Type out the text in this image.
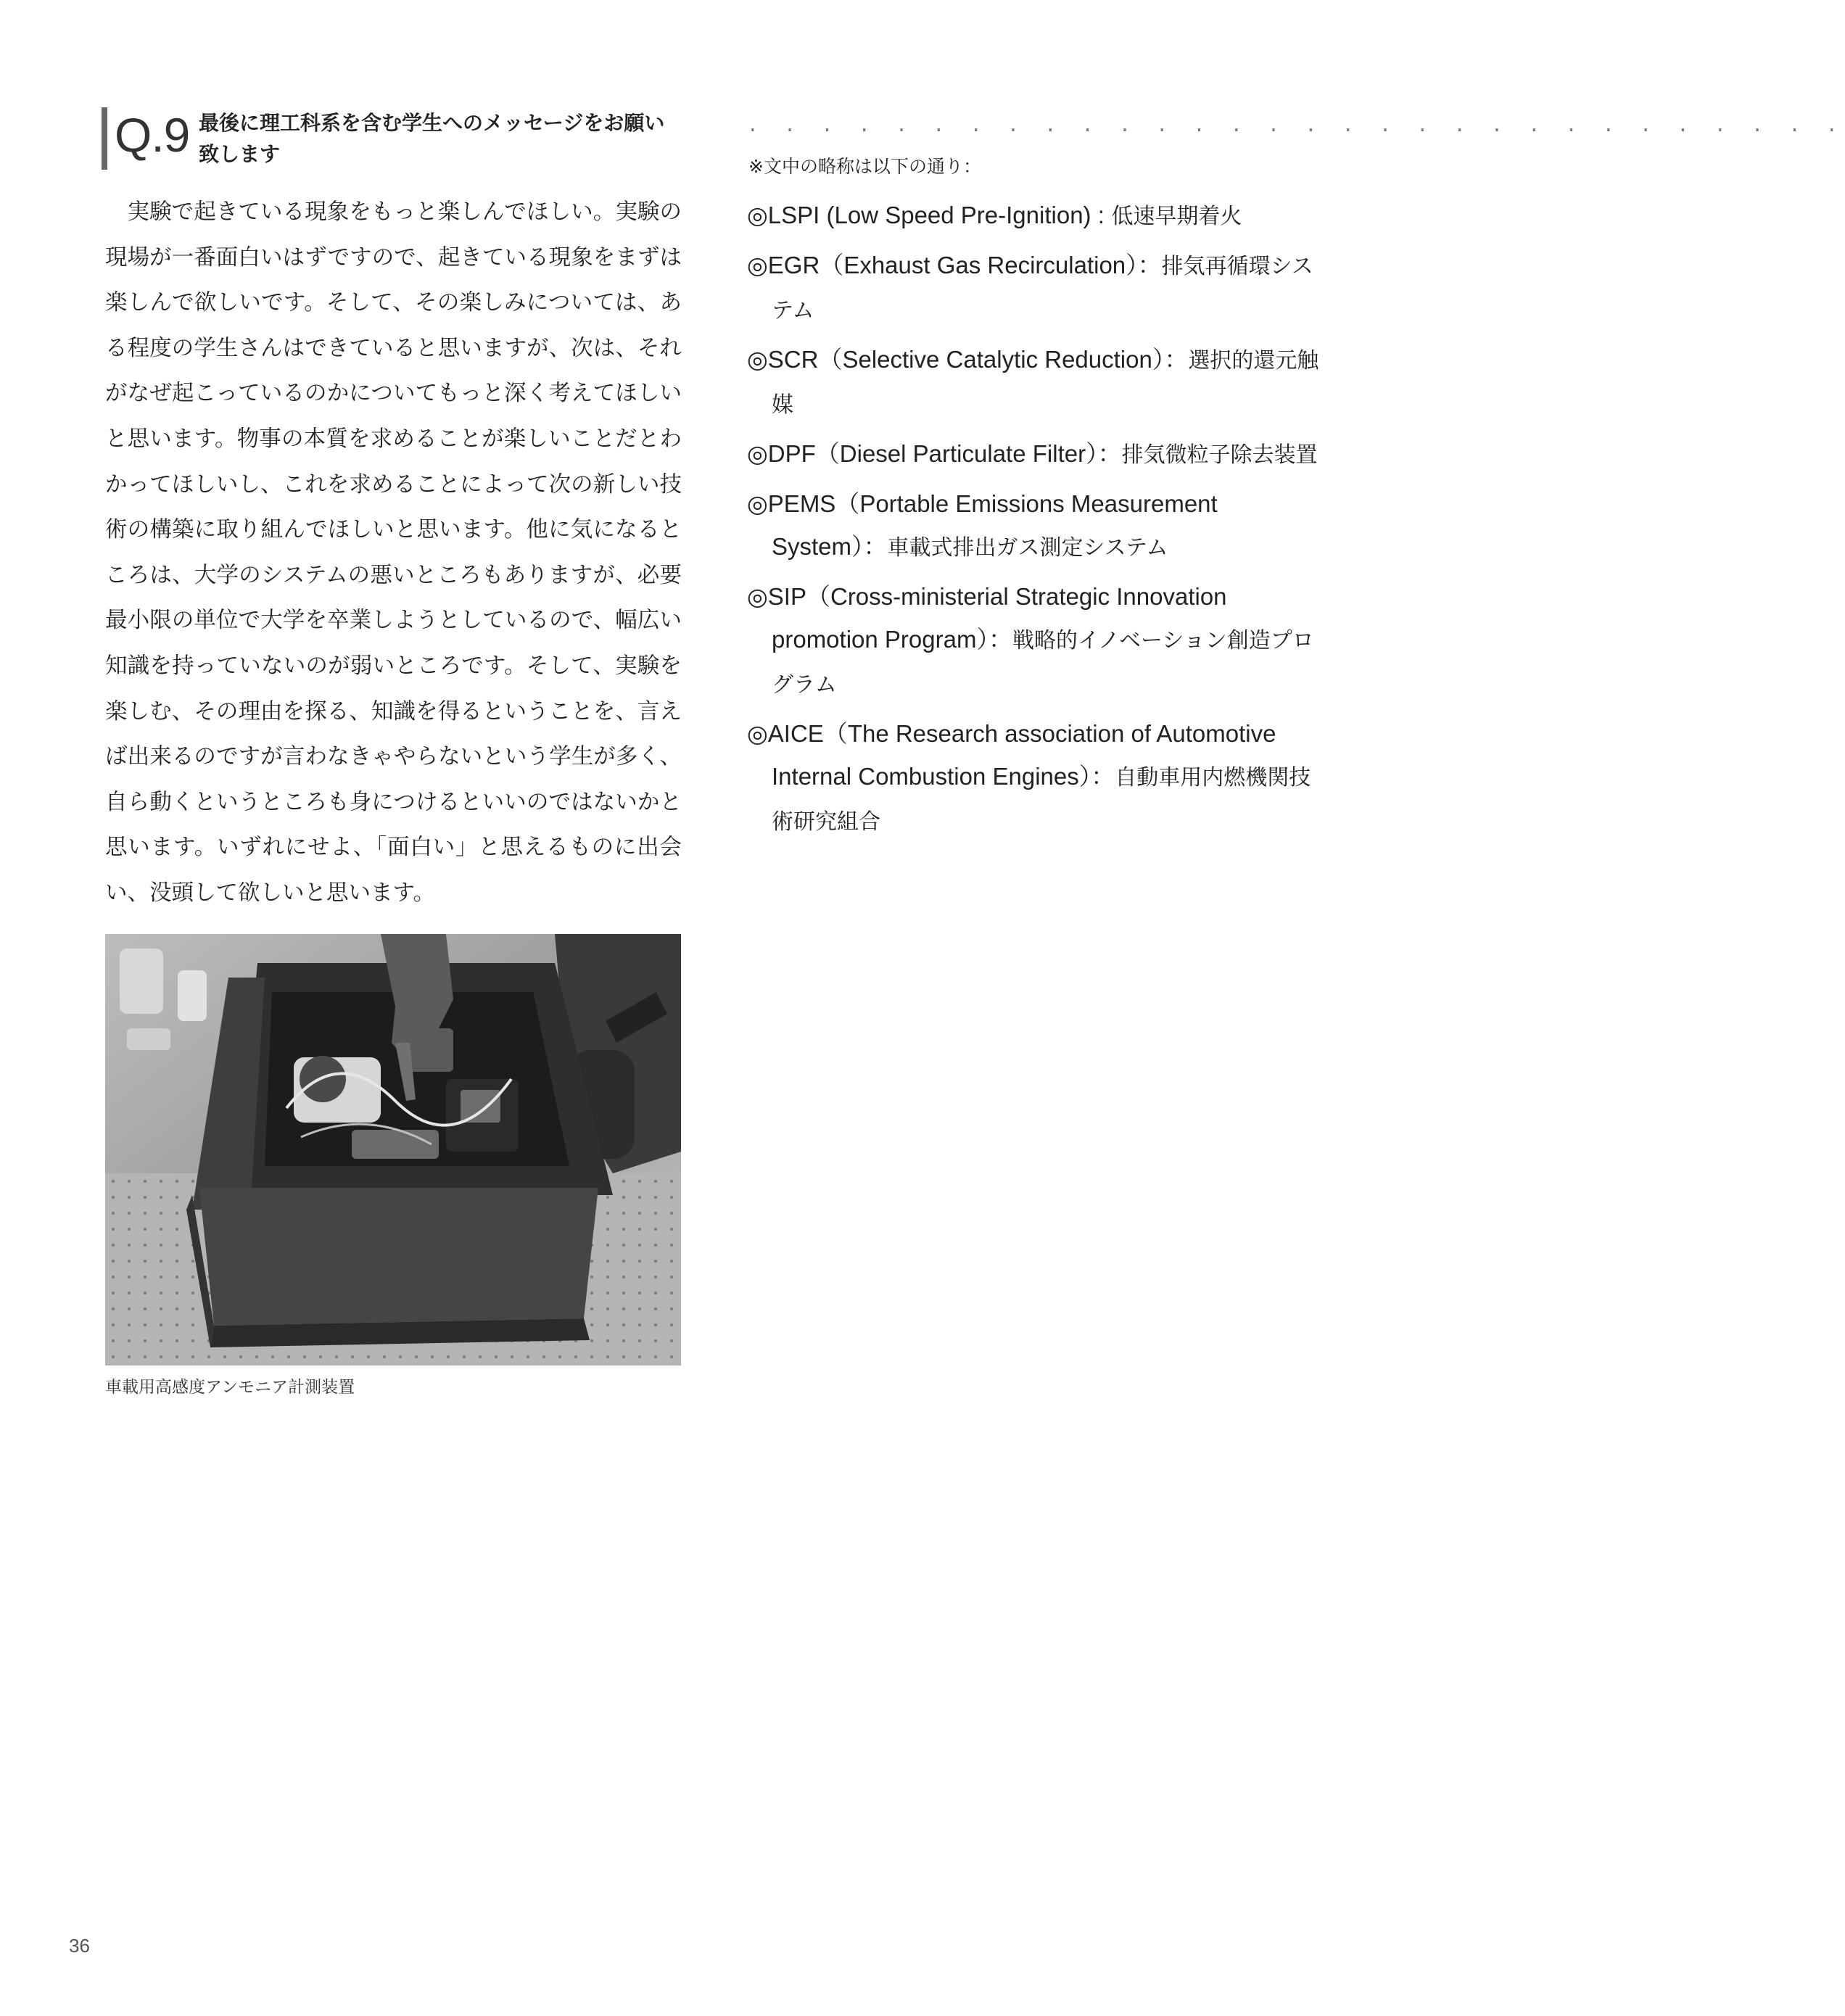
Q.9 最後に理工科系を含む学生へのメッセージをお願い致します

実験で起きている現象をもっと楽しんでほしい。実験の現場が一番面白いはずですので、起きている現象をまずは楽しんで欲しいです。そして、その楽しみについては、ある程度の学生さんはできていると思いますが、次は、それがなぜ起こっているのかについてもっと深く考えてほしいと思います。物事の本質を求めることが楽しいことだとわかってほしいし、これを求めることによって次の新しい技術の構築に取り組んでほしいと思います。他に気になるところは、大学のシステムの悪いところもありますが、必要最小限の単位で大学を卒業しようとしているので、幅広い知識を持っていないのが弱いところです。そして、実験を楽しむ、その理由を探る、知識を得るということを、言えば出来るのですが言わなきゃやらないという学生が多く、自ら動くというところも身につけるといいのではないかと思います。いずれにせよ、「面白い」と思えるものに出会い、没頭して欲しいと思います。

車載用高感度アンモニア計測装置
. . . . . . . . . . . . . . . . . . . . . . . . . . . . . .
※文中の略称は以下の通り：
◎LSPI (Low Speed Pre-Ignition) : 低速早期着火
◎EGR（Exhaust Gas Recirculation）：排気再循環システム
◎SCR（Selective Catalytic Reduction）：選択的還元触媒
◎DPF（Diesel Particulate Filter）：排気微粒子除去装置
◎PEMS（Portable Emissions Measurement System）：車載式排出ガス測定システム
◎SIP（Cross-ministerial Strategic Innovation promotion Program）：戦略的イノベーション創造プログラム
◎AICE（The Research association of Automotive Internal Combustion Engines）：自動車用内燃機関技術研究組合
36
